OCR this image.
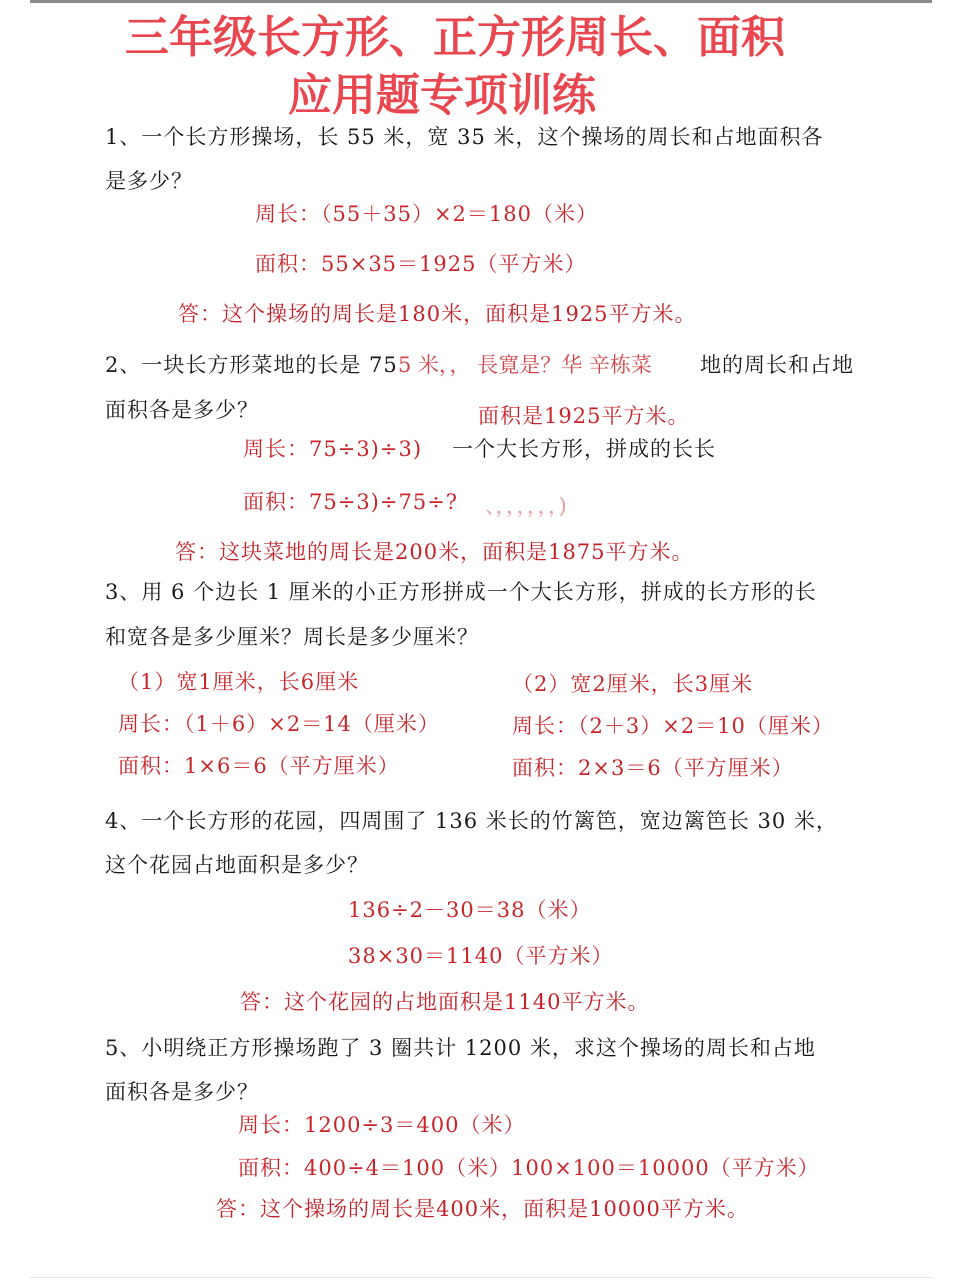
三年级长方形、正方形周长、面积
应用题专项训练
1、一个长方形操场，长 55 米，宽 35 米，这个操场的周长和占地面积各
是多少？
周长：（55＋35）×2＝180（米）
面积：55×35＝1925（平方米）
答：这个操场的周长是180米，面积是1925平方米。
2、一块长方形菜地的长是 75 5 米，， 長寛是？华 辛栋菜 地的周长和占地
面积各是多少？	面积是1925平方米。
周长：75÷3)÷3) 一个大长方形，拼成的长长
面积：75÷3)÷75÷? 、，，，，，，)
答：这块菜地的周长是200米，面积是1875平方米。
3、用 6 个边长 1 厘米的小正方形拼成一个大长方形，拼成的长方形的长
和宽各是多少厘米？周长是多少厘米？
（1）宽1厘米，长6厘米
周长：（1＋6）×2＝14（厘米）
面积：1×6＝6（平方厘米）
（2）宽2厘米，长3厘米
周长：（2＋3）×2＝10（厘米）
面积：2×3＝6（平方厘米）
4、一个长方形的花园，四周围了 136 米长的竹篱笆，宽边篱笆长 30 米，
这个花园占地面积是多少？
136÷2－30＝38（米）
38×30＝1140（平方米）
答：这个花园的占地面积是1140平方米。
5、小明绕正方形操场跑了 3 圈共计 1200 米，求这个操场的周长和占地
面积各是多少？
周长：1200÷3＝400（米）
面积：400÷4＝100（米）100×100＝10000（平方米）
答：这个操场的周长是400米，面积是10000平方米。
